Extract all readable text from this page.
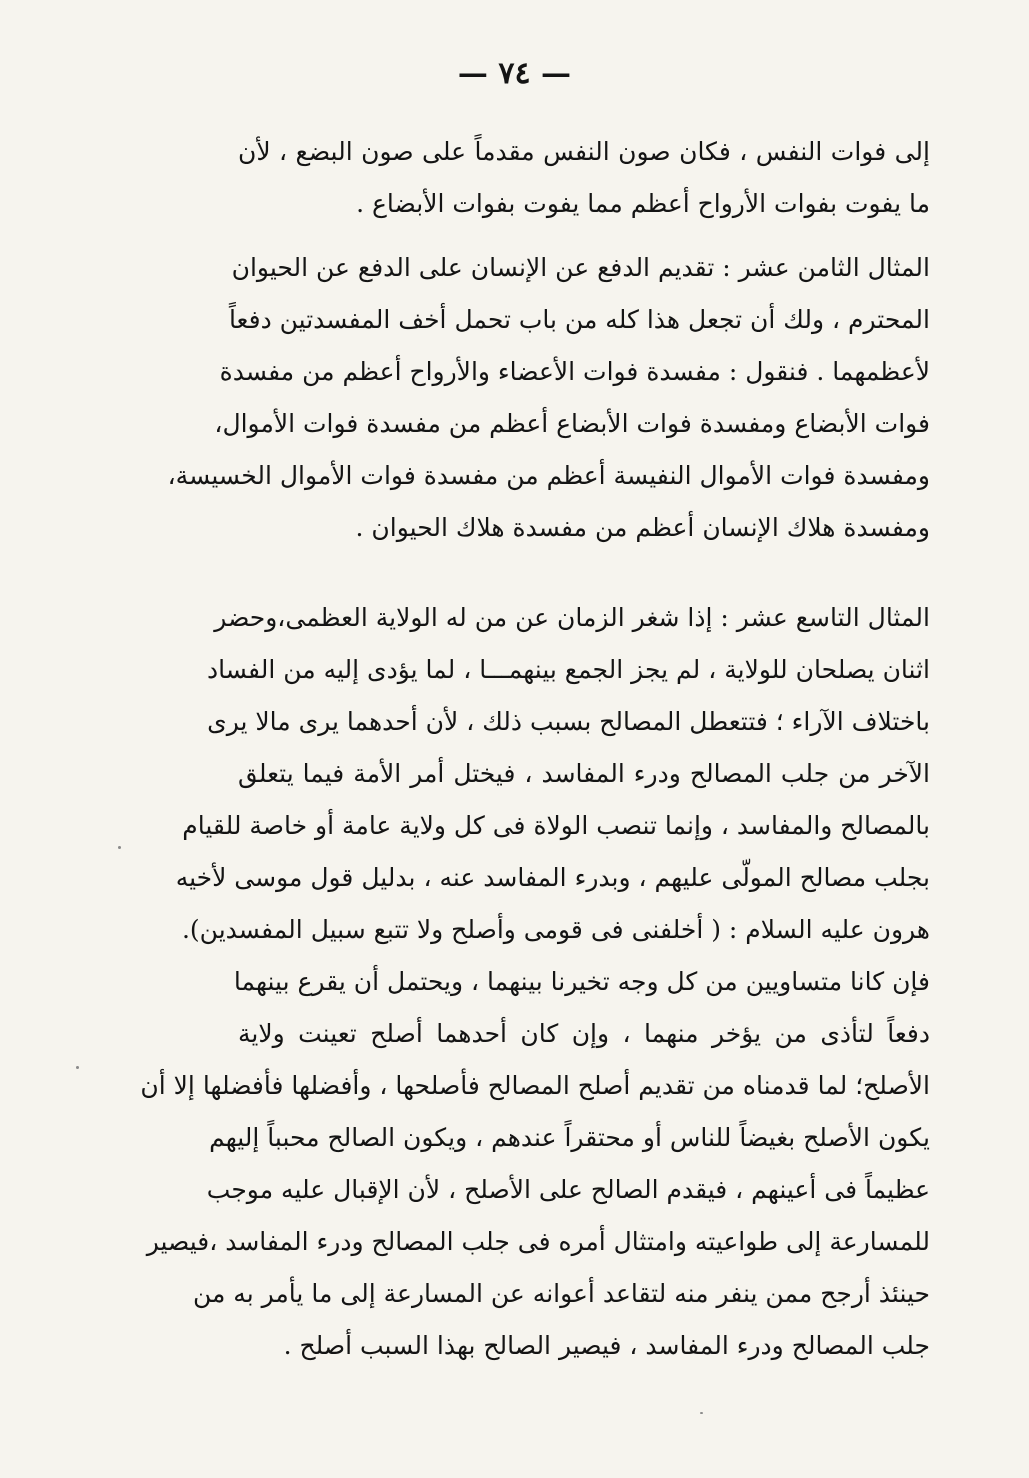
— ٧٤ —
إلى فوات النفس ، فكان صون النفس مقدماً على صون البضع ، لأن
ما يفوت بفوات الأرواح أعظم مما يفوت بفوات الأبضاع .
المثال الثامن عشر : تقديم الدفع عن الإنسان على الدفع عن الحيوان
المحترم ، ولك أن تجعل هذا كله من باب تحمل أخف المفسدتين دفعاً
لأعظمهما . فنقول : مفسدة فوات الأعضاء والأرواح أعظم من مفسدة
فوات الأبضاع ومفسدة فوات الأبضاع أعظم من مفسدة فوات الأموال،
ومفسدة فوات الأموال النفيسة أعظم من مفسدة فوات الأموال الخسيسة،
ومفسدة هلاك الإنسان أعظم من مفسدة هلاك الحيوان .
المثال التاسع عشر : إذا شغر الزمان عن من له الولاية العظمى،وحضر
اثنان يصلحان للولاية ، لم يجز الجمع بينهمـــا ، لما يؤدى إليه من الفساد
باختلاف الآراء ؛ فتتعطل المصالح بسبب ذلك ، لأن أحدهما يرى مالا يرى
الآخر من جلب المصالح ودرء المفاسد ، فيختل أمر الأمة فيما يتعلق
بالمصالح والمفاسد ، وإنما تنصب الولاة فى كل ولاية عامة أو خاصة للقيام
بجلب مصالح المولّى عليهم ، وبدرء المفاسد عنه ، بدليل قول موسى لأخيه
هرون عليه السلام : ( أخلفنى فى قومى وأصلح ولا تتبع سبيل المفسدين).
فإن كانا متساويين من كل وجه تخيرنا بينهما ، ويحتمل أن يقرع بينهما
دفعاً لتأذى من يؤخر منهما ، وإن كان أحدهما أصلح تعينت ولاية
الأصلح؛ لما قدمناه من تقديم أصلح المصالح فأصلحها ، وأفضلها فأفضلها إلا أن
يكون الأصلح بغيضاً للناس أو محتقراً عندهم ، ويكون الصالح محبباً إليهم
عظيماً فى أعينهم ، فيقدم الصالح على الأصلح ، لأن الإقبال عليه موجب
للمسارعة إلى طواعيته وامتثال أمره فى جلب المصالح ودرء المفاسد ،فيصير
حينئذ أرجح ممن ينفر منه لتقاعد أعوانه عن المسارعة إلى ما يأمر به من
جلب المصالح ودرء المفاسد ، فيصير الصالح بهذا السبب أصلح .
